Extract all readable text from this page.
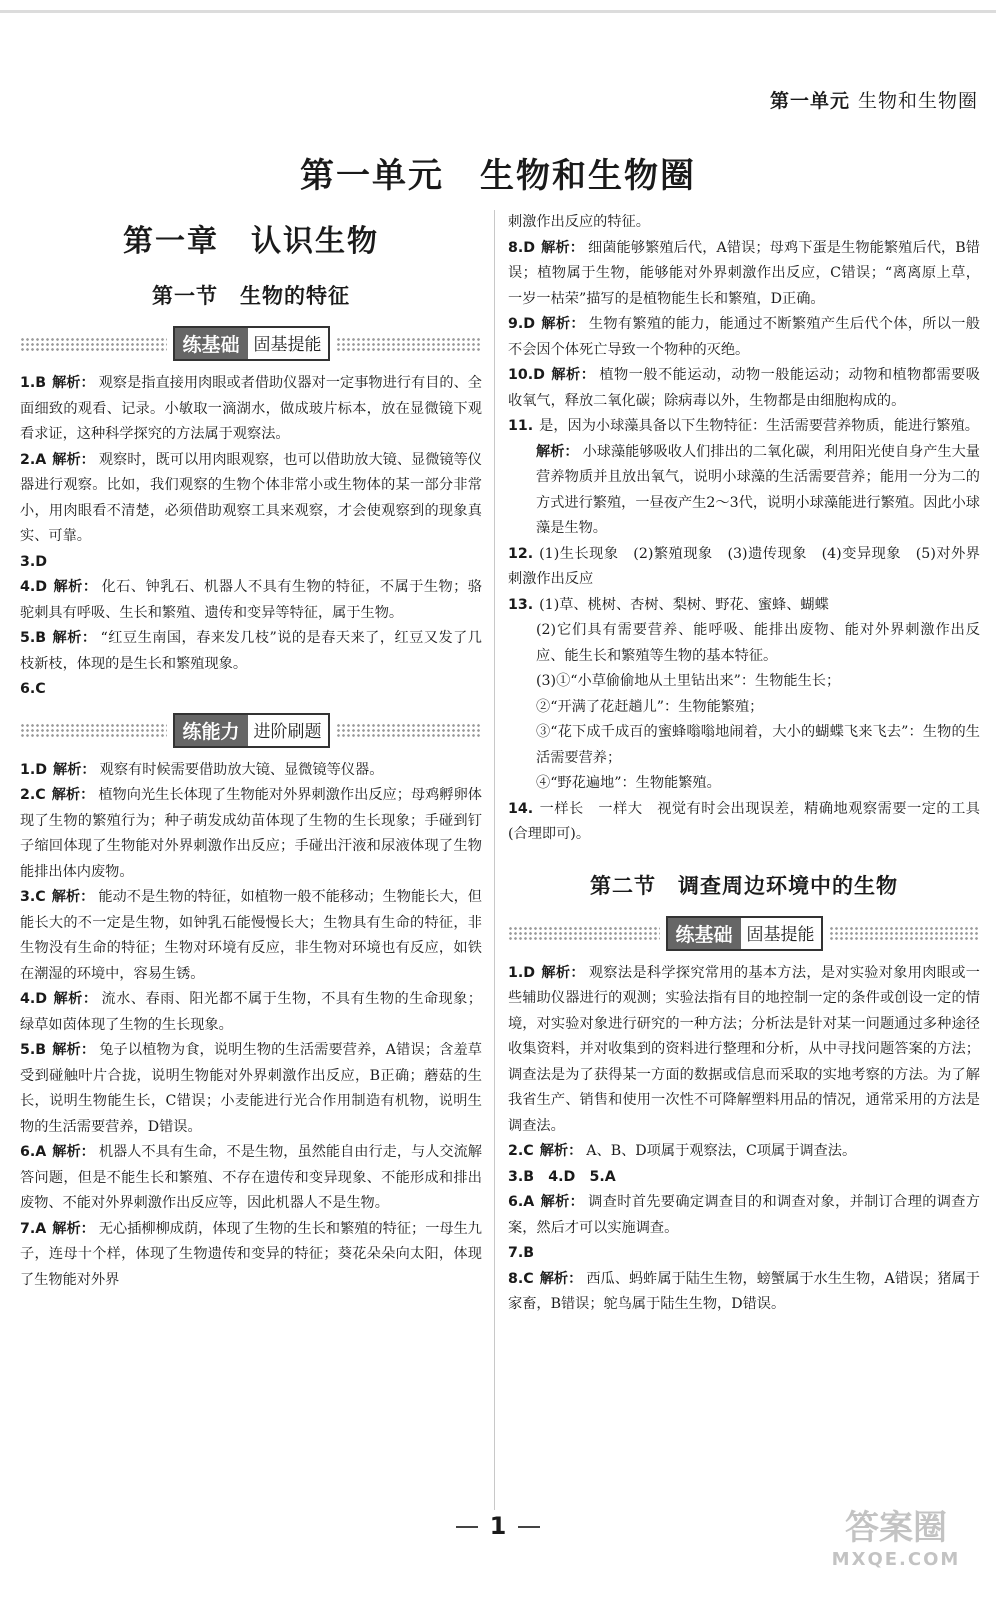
第一单元 生物和生物圈
第一单元　生物和生物圈
第一章　认识生物
第一节　生物的特征
练基础 固基提能

1.B 解析： 观察是指直接用肉眼或者借助仪器对一定事物进行有目的、全面细致的观看、记录。小敏取一滴湖水，做成玻片标本，放在显微镜下观看求证，这种科学探究的方法属于观察法。

2.A 解析： 观察时，既可以用肉眼观察，也可以借助放大镜、显微镜等仪器进行观察。比如，我们观察的生物个体非常小或生物体的某一部分非常小，用肉眼看不清楚，必须借助观察工具来观察，才会使观察到的现象真实、可靠。

3.D

4.D 解析： 化石、钟乳石、机器人不具有生物的特征，不属于生物；骆驼刺具有呼吸、生长和繁殖、遗传和变异等特征，属于生物。

5.B 解析： “红豆生南国，春来发几枝”说的是春天来了，红豆又发了几枝新枝，体现的是生长和繁殖现象。

6.C

练能力 进阶刷题

1.D 解析： 观察有时候需要借助放大镜、显微镜等仪器。

2.C 解析： 植物向光生长体现了生物能对外界刺激作出反应；母鸡孵卵体现了生物的繁殖行为；种子萌发成幼苗体现了生物的生长现象；手碰到钉子缩回体现了生物能对外界刺激作出反应；手碰出汗液和尿液体现了生物能排出体内废物。

3.C 解析： 能动不是生物的特征，如植物一般不能移动；生物能长大，但能长大的不一定是生物，如钟乳石能慢慢长大；生物具有生命的特征，非生物没有生命的特征；生物对环境有反应，非生物对环境也有反应，如铁在潮湿的环境中，容易生锈。

4.D 解析： 流水、春雨、阳光都不属于生物，不具有生物的生命现象；绿草如茵体现了生物的生长现象。

5.B 解析： 兔子以植物为食，说明生物的生活需要营养，A错误；含羞草受到碰触叶片合拢，说明生物能对外界刺激作出反应，B正确；蘑菇的生长，说明生物能生长，C错误；小麦能进行光合作用制造有机物，说明生物的生活需要营养，D错误。

6.A 解析： 机器人不具有生命，不是生物，虽然能自由行走，与人交流解答问题，但是不能生长和繁殖、不存在遗传和变异现象、不能形成和排出废物、不能对外界刺激作出反应等，因此机器人不是生物。

7.A 解析： 无心插柳柳成荫，体现了生物的生长和繁殖的特征；一母生九子，连母十个样，体现了生物遗传和变异的特征；葵花朵朵向太阳，体现了生物能对外界

刺激作出反应的特征。

8.D 解析： 细菌能够繁殖后代，A错误；母鸡下蛋是生物能繁殖后代，B错误；植物属于生物，能够能对外界刺激作出反应，C错误；“离离原上草，一岁一枯荣”描写的是植物能生长和繁殖，D正确。

9.D 解析： 生物有繁殖的能力，能通过不断繁殖产生后代个体，所以一般不会因个体死亡导致一个物种的灭绝。

10.D 解析： 植物一般不能运动，动物一般能运动；动物和植物都需要吸收氧气，释放二氧化碳；除病毒以外，生物都是由细胞构成的。

11. 是，因为小球藻具备以下生物特征：生活需要营养物质，能进行繁殖。

解析： 小球藻能够吸收人们排出的二氧化碳，利用阳光使自身产生大量营养物质并且放出氧气，说明小球藻的生活需要营养；能用一分为二的方式进行繁殖，一昼夜产生2～3代，说明小球藻能进行繁殖。因此小球藻是生物。

12. (1)生长现象　(2)繁殖现象　(3)遗传现象　(4)变异现象　(5)对外界刺激作出反应

13. (1)草、桃树、杏树、梨树、野花、蜜蜂、蝴蝶

(2)它们具有需要营养、能呼吸、能排出废物、能对外界刺激作出反应、能生长和繁殖等生物的基本特征。

(3)①“小草偷偷地从土里钻出来”：生物能生长；

②“开满了花赶趟儿”：生物能繁殖；

③“花下成千成百的蜜蜂嗡嗡地闹着，大小的蝴蝶飞来飞去”：生物的生活需要营养；

④“野花遍地”：生物能繁殖。

14. 一样长　一样大　视觉有时会出现误差，精确地观察需要一定的工具(合理即可)。

第二节　调查周边环境中的生物
练基础 固基提能

1.D 解析： 观察法是科学探究常用的基本方法，是对实验对象用肉眼或一些辅助仪器进行的观测；实验法指有目的地控制一定的条件或创设一定的情境，对实验对象进行研究的一种方法；分析法是针对某一问题通过多种途径收集资料，并对收集到的资料进行整理和分析，从中寻找问题答案的方法；调查法是为了获得某一方面的数据或信息而采取的实地考察的方法。为了解我省生产、销售和使用一次性不可降解塑料用品的情况，通常采用的方法是调查法。

2.C 解析： A、B、D项属于观察法，C项属于调查法。

3.B　4.D　5.A

6.A 解析： 调查时首先要确定调查目的和调查对象，并制订合理的调查方案，然后才可以实施调查。

7.B

8.C 解析： 西瓜、蚂蚱属于陆生生物，螃蟹属于水生生物，A错误；猪属于家畜，B错误；鸵鸟属于陆生生物，D错误。

1	答案圈
MXQE.COM
